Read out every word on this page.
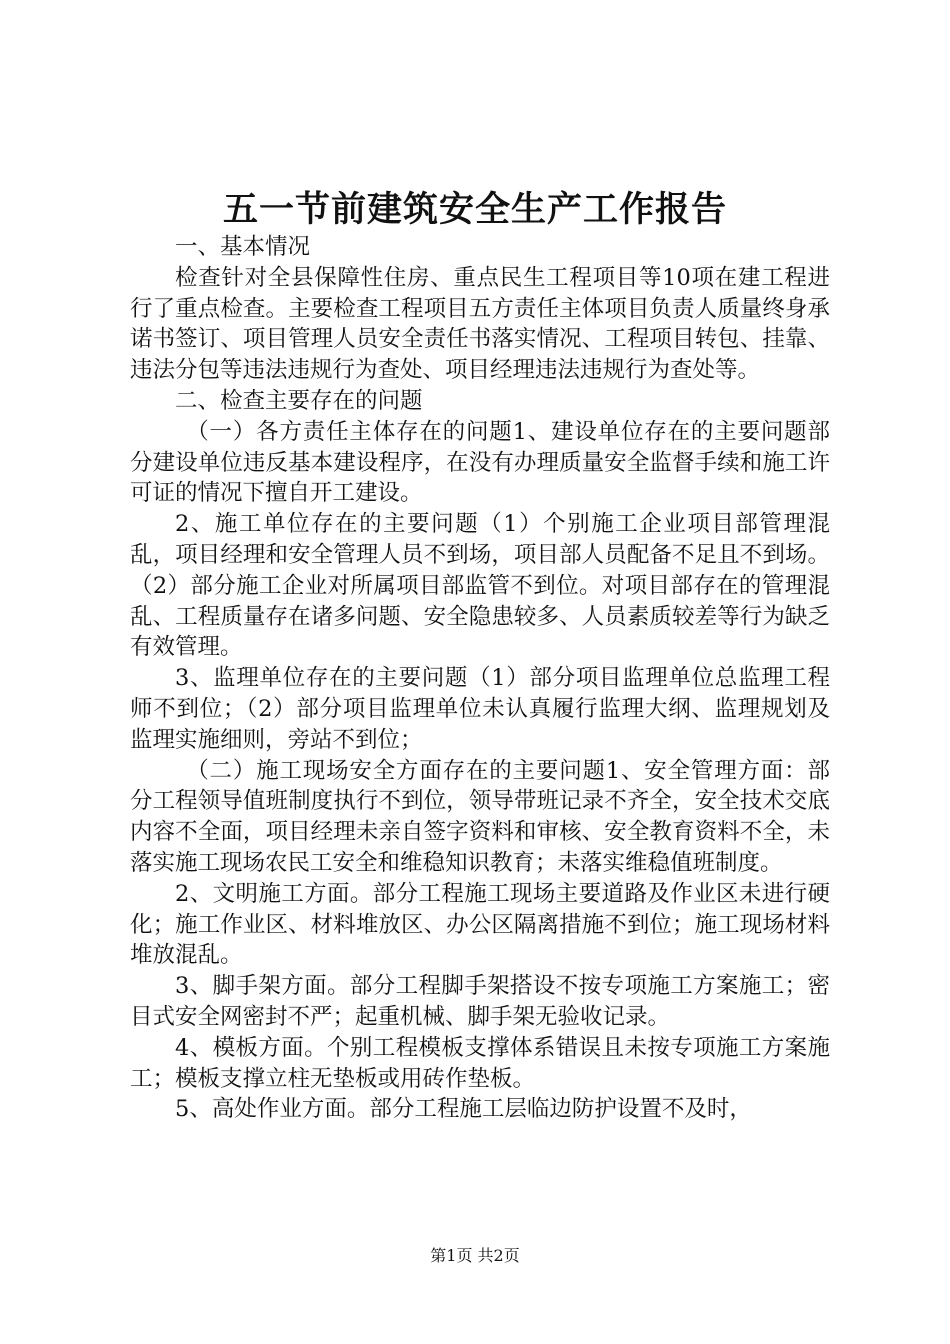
五一节前建筑安全生产工作报告

一、基本情况

检查针对全县保障性住房、重点民生工程项目等10项在建工程进行了重点检查。主要检查工程项目五方责任主体项目负责人质量终身承诺书签订、项目管理人员安全责任书落实情况、工程项目转包、挂靠、违法分包等违法违规行为查处、项目经理违法违规行为查处等。

二、检查主要存在的问题

（一）各方责任主体存在的问题1、建设单位存在的主要问题部分建设单位违反基本建设程序，在没有办理质量安全监督手续和施工许可证的情况下擅自开工建设。

2、施工单位存在的主要问题（1）个别施工企业项目部管理混乱，项目经理和安全管理人员不到场，项目部人员配备不足且不到场。（2）部分施工企业对所属项目部监管不到位。对项目部存在的管理混乱、工程质量存在诸多问题、安全隐患较多、人员素质较差等行为缺乏有效管理。

3、监理单位存在的主要问题（1）部分项目监理单位总监理工程师不到位；（2）部分项目监理单位未认真履行监理大纲、监理规划及监理实施细则，旁站不到位；

（二）施工现场安全方面存在的主要问题1、安全管理方面：部分工程领导值班制度执行不到位，领导带班记录不齐全，安全技术交底内容不全面，项目经理未亲自签字资料和审核、安全教育资料不全，未落实施工现场农民工安全和维稳知识教育；未落实维稳值班制度。

2、文明施工方面。部分工程施工现场主要道路及作业区未进行硬化；施工作业区、材料堆放区、办公区隔离措施不到位；施工现场材料堆放混乱。

3、脚手架方面。部分工程脚手架搭设不按专项施工方案施工；密目式安全网密封不严；起重机械、脚手架无验收记录。

4、模板方面。个别工程模板支撑体系错误且未按专项施工方案施工；模板支撑立柱无垫板或用砖作垫板。

5、高处作业方面。部分工程施工层临边防护设置不及时，

第1页 共2页
